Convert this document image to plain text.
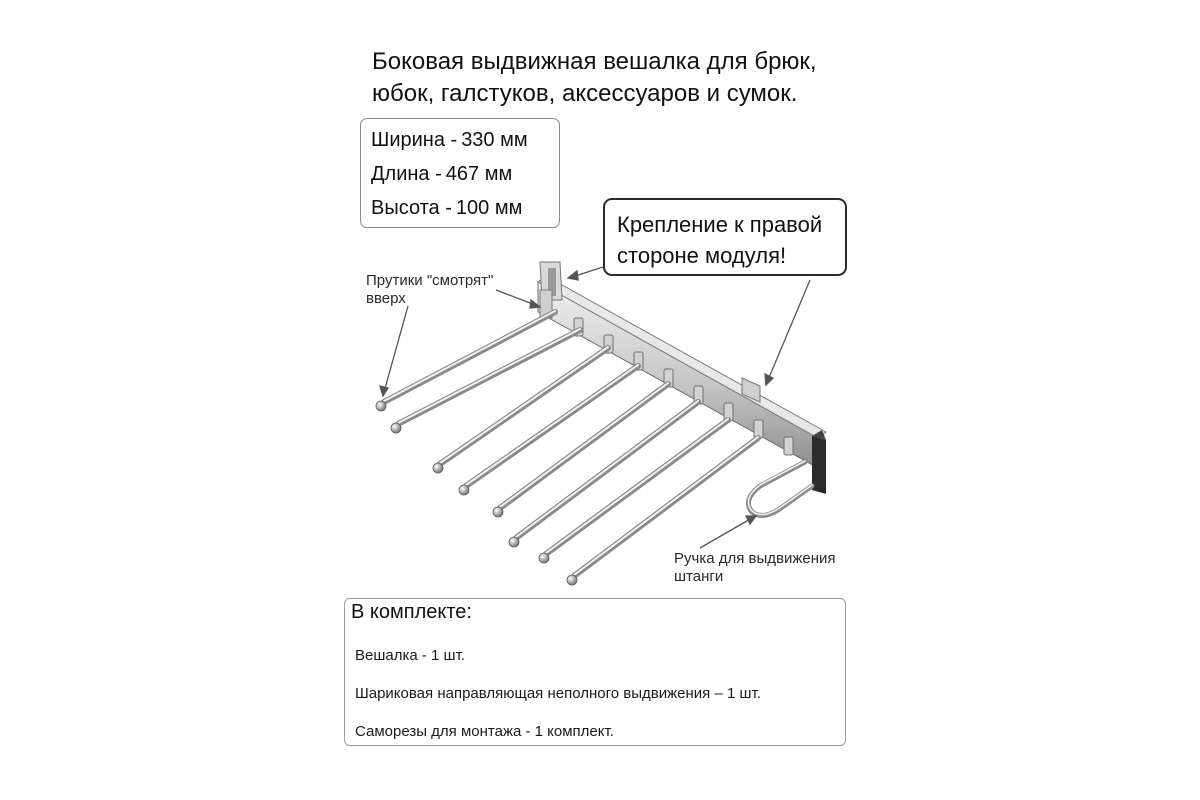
Боковая выдвижная вешалка для брюк,
юбок, галстуков, аксессуаров и сумок.
Ширина - 330 мм
Длина - 467 мм
Высота - 100 мм
Крепление к правой
стороне модуля!
Прутики "смотрят"
вверх
Ручка для выдвижения
штанги
В комплекте:
Вешалка - 1 шт.
Шариковая направляющая неполного выдвижения – 1 шт.
Саморезы для монтажа - 1 комплект.
